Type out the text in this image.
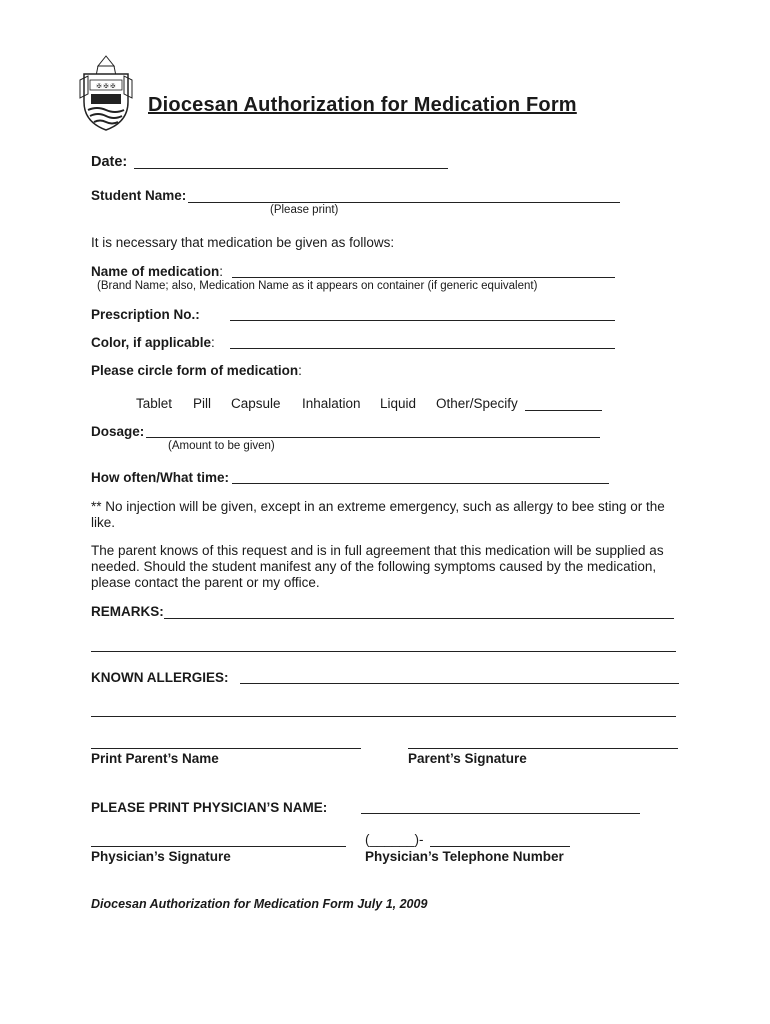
✠ ✠ ✠
Diocesan Authorization for Medication Form
Date:
Student Name:
(Please print)
It is necessary that medication be given as follows:
Name of medication:
(Brand Name; also, Medication Name as it appears on container (if generic equivalent)
Prescription No.:
Color, if applicable:
Please circle form of medication:
Tablet Pill Capsule Inhalation Liquid Other/Specify
Dosage:
(Amount to be given)
How often/What time:
** No injection will be given, except in an extreme emergency, such as allergy to bee sting or the like.
The parent knows of this request and is in full agreement that this medication will be supplied as needed. Should the student manifest any of the following symptoms caused by the medication, please contact the parent or my office.
REMARKS:
KNOWN ALLERGIES:
Print Parent’s Name	Parent’s Signature
PLEASE PRINT PHYSICIAN’S NAME:
(______)-
Physician’s Signature	Physician’s Telephone Number
Diocesan Authorization for Medication Form July 1, 2009
